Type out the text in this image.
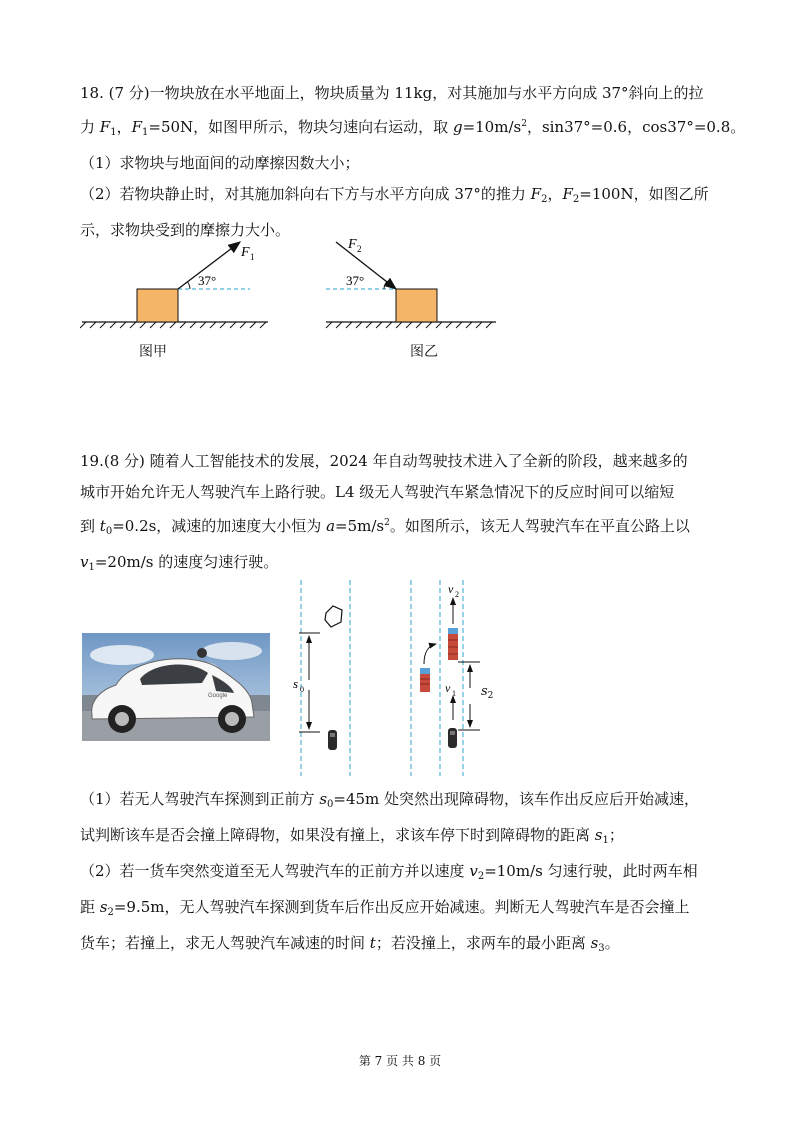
18. (7 分)一物块放在水平地面上，物块质量为 11kg，对其施加与水平方向成 37°斜向上的拉
力 $F_1$，$F_1=50N$，如图甲所示，物块匀速向右运动，取 $g=10m/s^2$，sin37°=0.6，cos37°=0.8。
（1）求物块与地面间的动摩擦因数大小；
（2）若物块静止时，对其施加斜向右下方与水平方向成 37°的推力 $F_2$，$F_2=100N$，如图乙所
示，求物块受到的摩擦力大小。
37°
F 1
图甲
37°
F 2
图乙
19.(8 分) 随着人工智能技术的发展，2024 年自动驾驶技术进入了全新的阶段，越来越多的
城市开始允许无人驾驶汽车上路行驶。L4 级无人驾驶汽车紧急情况下的反应时间可以缩短
到 $t_0=0.2s$，减速的加速度大小恒为 $a=5m/s^2$。如图所示，该无人驾驶汽车在平直公路上以
$v_1=20m/s$ 的速度匀速行驶。
Google
s 0
v 2
v 1 $s_2$
（1）若无人驾驶汽车探测到正前方 $s_0=45m$ 处突然出现障碍物，该车作出反应后开始减速，
试判断该车是否会撞上障碍物，如果没有撞上，求该车停下时到障碍物的距离 $s_1$；
（2）若一货车突然变道至无人驾驶汽车的正前方并以速度 $v_2=10m/s$ 匀速行驶，此时两车相
距 $s_2=9.5m$，无人驾驶汽车探测到货车后作出反应开始减速。判断无人驾驶汽车是否会撞上
货车；若撞上，求无人驾驶汽车减速的时间 t；若没撞上，求两车的最小距离 $s_3$。
第 7 页 共 8 页
